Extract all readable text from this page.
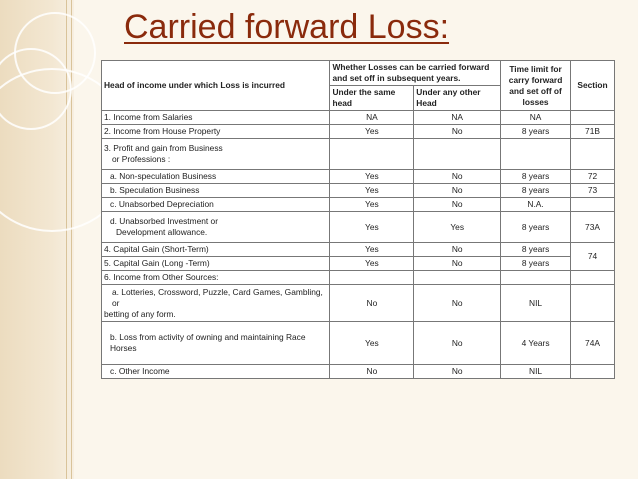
Carried forward Loss:
Head of income under which Loss is incurred	Whether Losses can be carried forward and set off in subsequent years.		Time limit for carry forward and set off of losses	Section
	Under the same head	Under any other Head		
1. Income from Salaries	NA	NA	NA	
2. Income from House Property	Yes	No	8 years	71B

3. Profit and gain from Business
or Professions :				

a. Non-speculation Business	Yes	No	8 years	72
b. Speculation Business	Yes	No	8 years	73
c. Unabsorbed Depreciation	Yes	No	N.A.	

d. Unabsorbed Investment or
Development allowance.	Yes	Yes	8 years	73A
4. Capital Gain (Short-Term)	Yes	No	8 years	74
5. Capital Gain (Long -Term)	Yes	No	8 years	
6. Income from Other Sources:				

a. Lotteries, Crossword, Puzzle, Card Games, Gambling, or
betting of any form.	No	No	NIL	
b. Loss from activity of owning and maintaining Race Horses	Yes	No	4 Years	74A
c. Other Income	No	No	NIL	
